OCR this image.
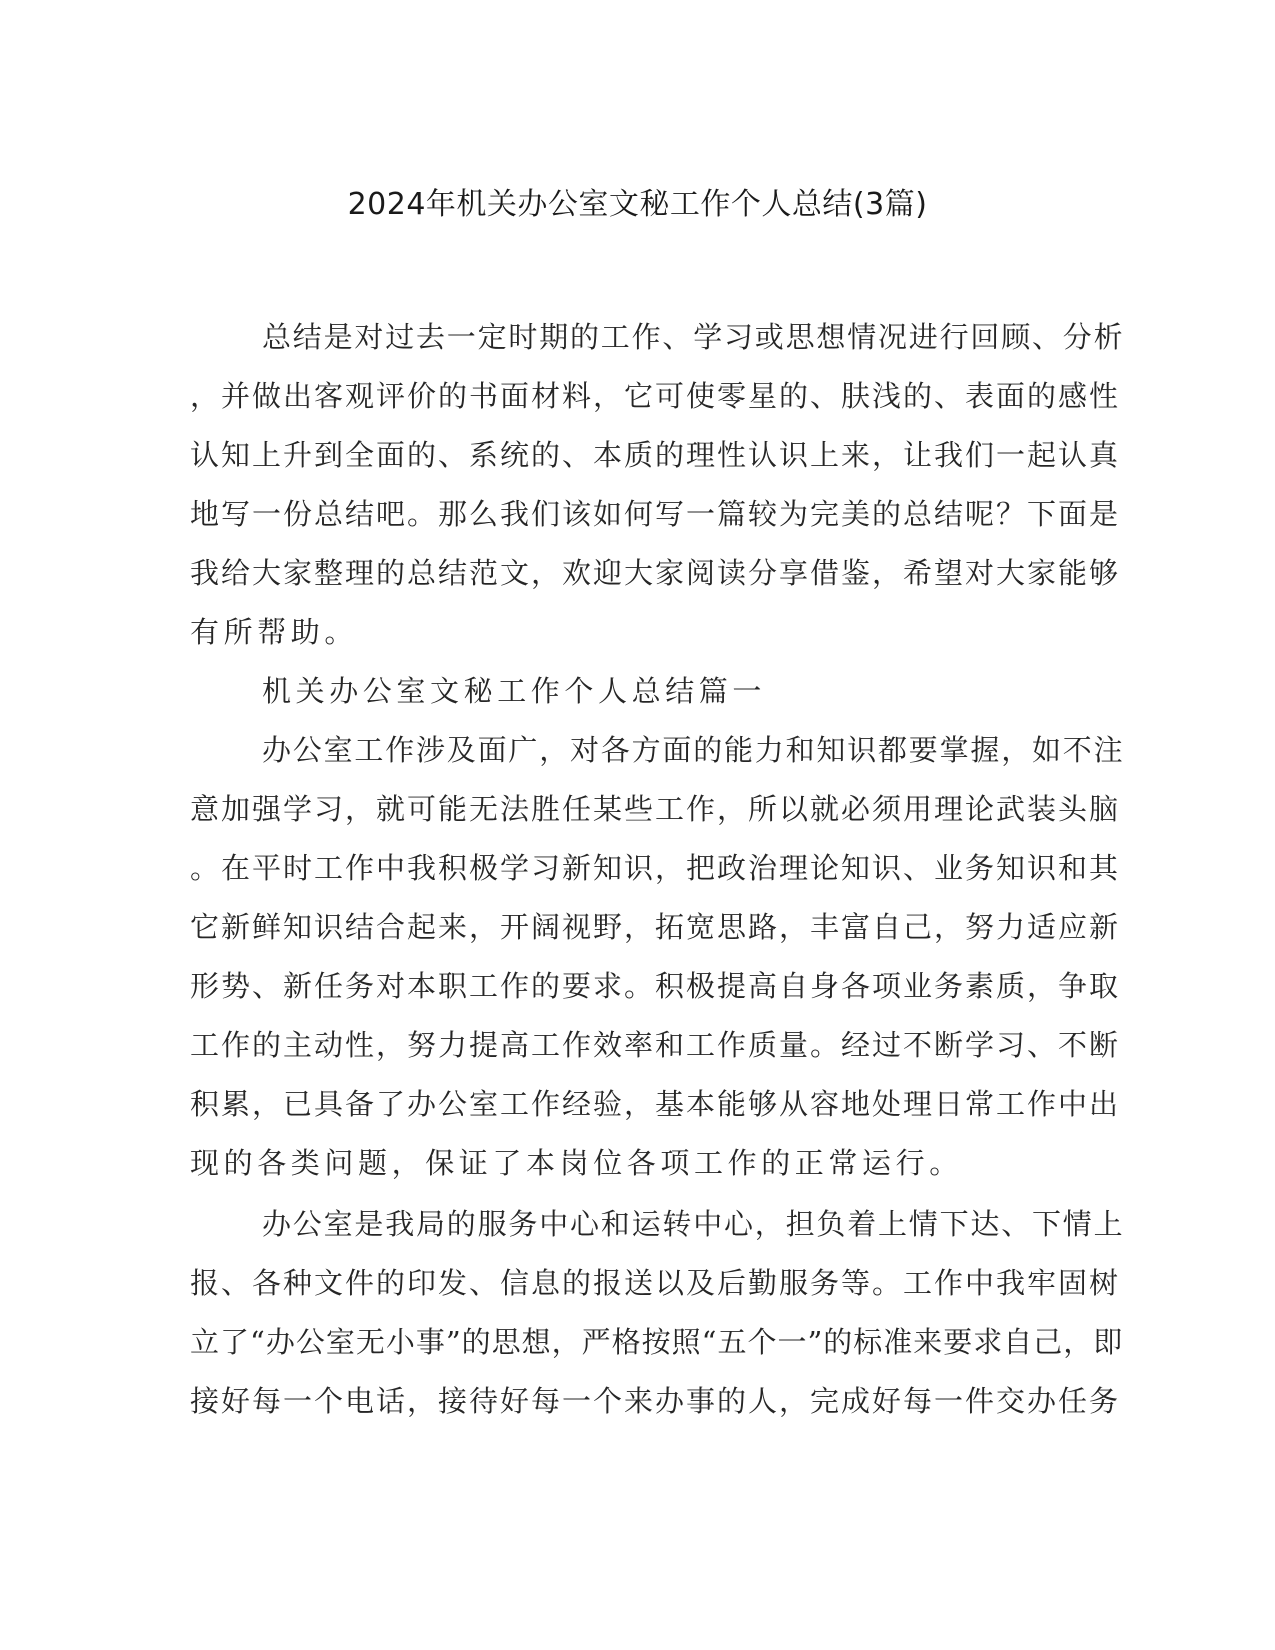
2024年机关办公室文秘工作个人总结(3篇)
总结是对过去一定时期的工作、学习或思想情况进行回顾、分析
，并做出客观评价的书面材料，它可使零星的、肤浅的、表面的感性
认知上升到全面的、系统的、本质的理性认识上来，让我们一起认真
地写一份总结吧。那么我们该如何写一篇较为完美的总结呢？下面是
我给大家整理的总结范文，欢迎大家阅读分享借鉴，希望对大家能够
有所帮助。
机关办公室文秘工作个人总结篇一
办公室工作涉及面广，对各方面的能力和知识都要掌握，如不注
意加强学习，就可能无法胜任某些工作，所以就必须用理论武装头脑
。在平时工作中我积极学习新知识，把政治理论知识、业务知识和其
它新鲜知识结合起来，开阔视野，拓宽思路，丰富自己，努力适应新
形势、新任务对本职工作的要求。积极提高自身各项业务素质，争取
工作的主动性，努力提高工作效率和工作质量。经过不断学习、不断
积累，已具备了办公室工作经验，基本能够从容地处理日常工作中出
现的各类问题，保证了本岗位各项工作的正常运行。
办公室是我局的服务中心和运转中心，担负着上情下达、下情上
报、各种文件的印发、信息的报送以及后勤服务等。工作中我牢固树
立了“办公室无小事”的思想，严格按照“五个一”的标准来要求自己，即
接好每一个电话，接待好每一个来办事的人，完成好每一件交办任务
